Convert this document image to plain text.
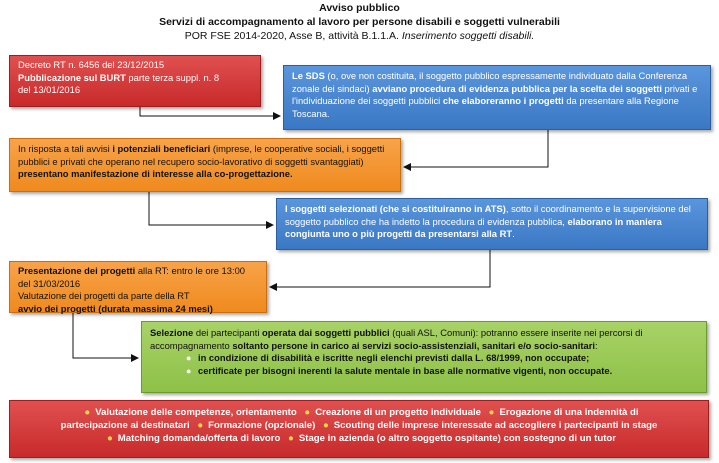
Avviso pubblico
Servizi di accompagnamento al lavoro per persone disabili e soggetti vulnerabili
POR FSE 2014-2020, Asse B, attività B.1.1.A. Inserimento soggetti disabili.
Decreto RT n. 6456 del 23/12/2015
Pubblicazione sul BURT parte terza suppl. n. 8
del 13/01/2016
Le SDS (o, ove non costituita, il soggetto pubblico espressamente individuato dalla Conferenza zonale dei sindaci) avviano procedura di evidenza pubblica per la scelta dei soggetti privati e l'individuazione dei soggetti pubblici che elaboreranno i progetti da presentare alla Regione Toscana.
In risposta a tali avvisi i potenziali beneficiari (imprese, le cooperative sociali, i soggetti pubblici e privati che operano nel recupero socio-lavorativo di soggetti svantaggiati) presentano manifestazione di interesse alla co-progettazione.
I soggetti selezionati (che si costituiranno in ATS), sotto il coordinamento e la supervisione del soggetto pubblico che ha indetto la procedura di evidenza pubblica, elaborano in maniera congiunta uno o più progetti da presentarsi alla RT.
Presentazione dei progetti alla RT: entro le ore 13:00 del 31/03/2016
Valutazione dei progetti da parte della RT
avvio dei progetti (durata massima 24 mesi)
Selezione dei partecipanti operata dai soggetti pubblici (quali ASL, Comuni): potranno essere inserite nei percorsi di accompagnamento soltanto persone in carico ai servizi socio-assistenziali, sanitari e/o socio-sanitari:
● in condizione di disabilità e iscritte negli elenchi previsti dalla L. 68/1999, non occupate;
● certificate per bisogni inerenti la salute mentale in base alle normative vigenti, non occupate.
● Valutazione delle competenze, orientamento ● Creazione di un progetto individuale ● Erogazione di una indennità di
partecipazione ai destinatari ● Formazione (opzionale) ● Scouting delle imprese interessate ad accogliere i partecipanti in stage
● Matching domanda/offerta di lavoro ● Stage in azienda (o altro soggetto ospitante) con sostegno di un tutor
